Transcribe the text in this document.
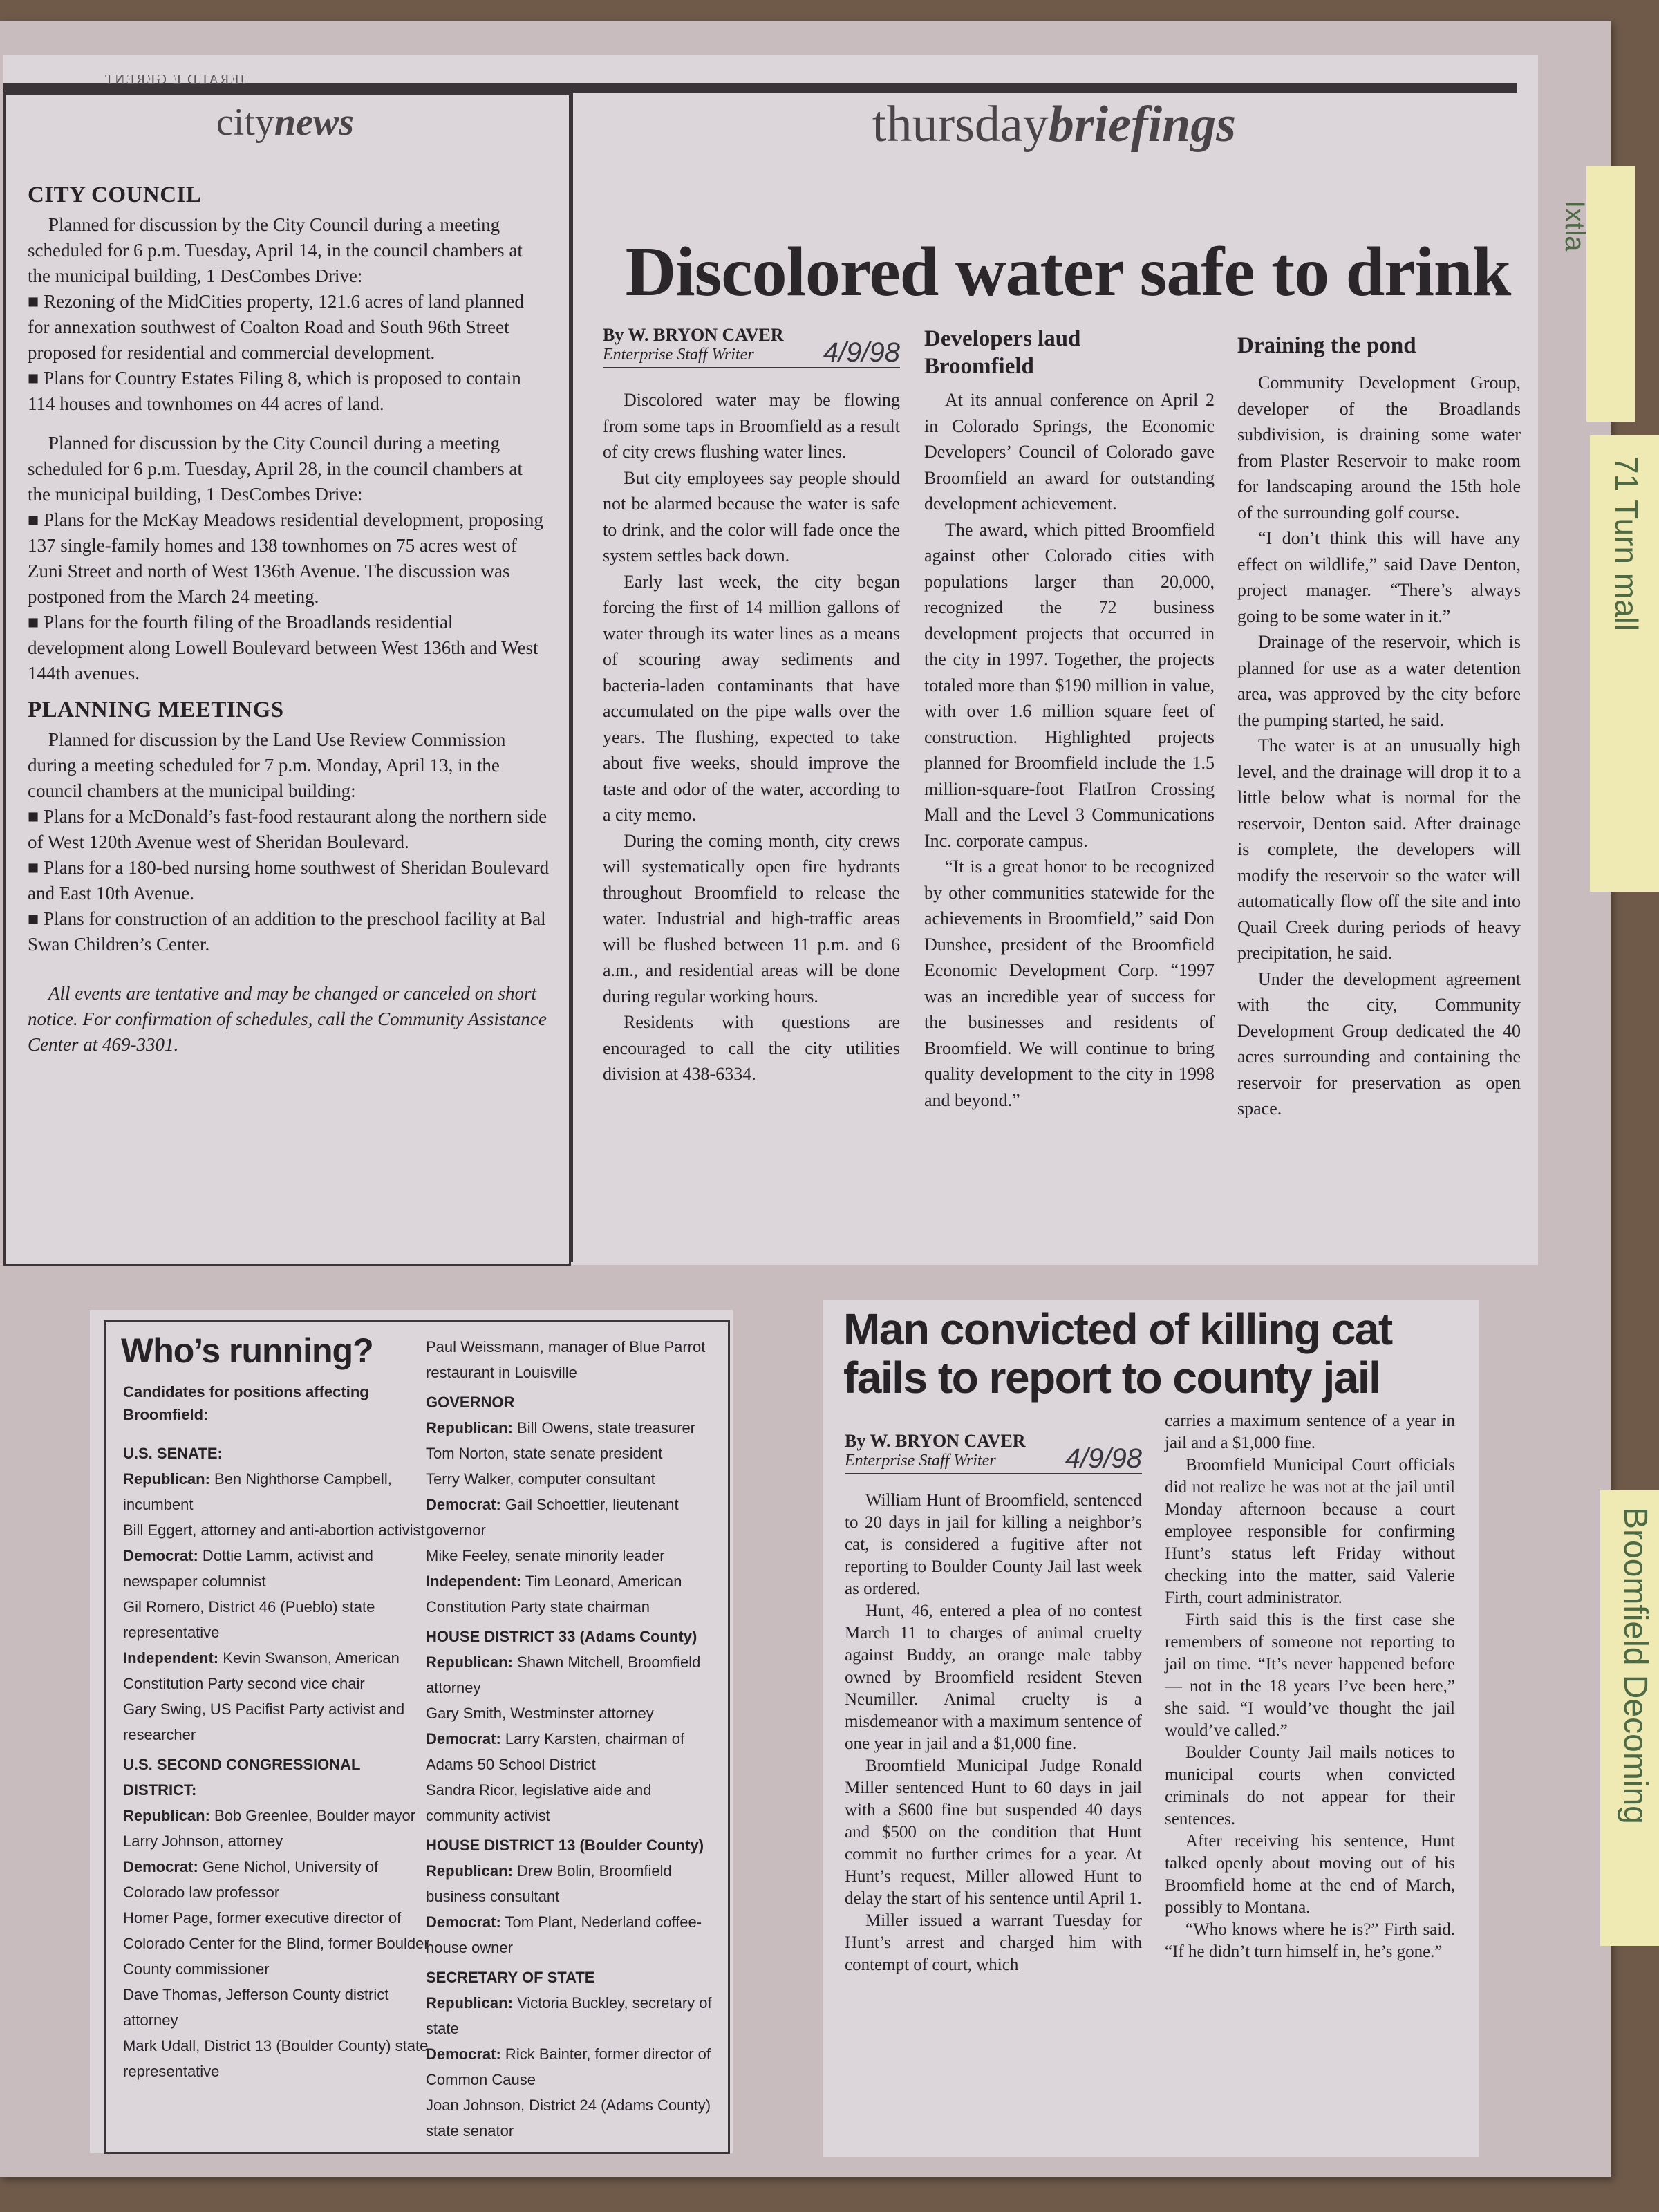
JERALD E GERENT
citynews
CITY COUNCIL

Planned for discussion by the City Council during a meeting scheduled for 6 p.m. Tuesday, April 14, in the council chambers at the municipal building, 1 DesCombes Drive:

■ Rezoning of the MidCities property, 121.6 acres of land planned for annexation southwest of Coalton Road and South 96th Street proposed for residential and commercial development.

■ Plans for Country Estates Filing 8, which is proposed to contain 114 houses and townhomes on 44 acres of land.

Planned for discussion by the City Council during a meeting scheduled for 6 p.m. Tuesday, April 28, in the council chambers at the municipal building, 1 DesCombes Drive:

■ Plans for the McKay Meadows residential development, proposing 137 single-family homes and 138 townhomes on 75 acres west of Zuni Street and north of West 136th Avenue. The discussion was postponed from the March 24 meeting.

■ Plans for the fourth filing of the Broadlands residential development along Lowell Boulevard between West 136th and West 144th avenues.

PLANNING MEETINGS

Planned for discussion by the Land Use Review Commission during a meeting scheduled for 7 p.m. Monday, April 13, in the council chambers at the municipal building:

■ Plans for a McDonald’s fast-food restaurant along the northern side of West 120th Avenue west of Sheridan Boulevard.

■ Plans for a 180-bed nursing home southwest of Sheridan Boulevard and East 10th Avenue.

■ Plans for construction of an addition to the preschool facility at Bal Swan Children’s Center.

All events are tentative and may be changed or canceled on short notice. For confirmation of schedules, call the Community Assistance Center at 469-3301.

thursdaybriefings
Discolored water safe to drink
By W. BRYON CAVER
Enterprise Staff Writer	4/9/98

Discolored water may be flowing from some taps in Broomfield as a result of city crews flushing water lines.

But city employees say people should not be alarmed because the water is safe to drink, and the color will fade once the system settles back down.

Early last week, the city began forcing the first of 14 million gallons of water through its water lines as a means of scouring away sediments and bacteria-laden contaminants that have accumulated on the pipe walls over the years. The flushing, expected to take about five weeks, should improve the taste and odor of the water, according to a city memo.

During the coming month, city crews will systematically open fire hydrants throughout Broomfield to release the water. Industrial and high-traffic areas will be flushed between 11 p.m. and 6 a.m., and residential areas will be done during regular working hours.

Residents with questions are encouraged to call the city utilities division at 438-6334.

Developers laud Broomfield

At its annual conference on April 2 in Colorado Springs, the Economic Developers’ Council of Colorado gave Broomfield an award for outstanding development achievement.

The award, which pitted Broomfield against other Colorado cities with populations larger than 20,000, recognized the 72 business development projects that occurred in the city in 1997. Together, the projects totaled more than $190 million in value, with over 1.6 million square feet of construction. Highlighted projects planned for Broomfield include the 1.5 million-square-foot FlatIron Crossing Mall and the Level 3 Communications Inc. corporate campus.

“It is a great honor to be recognized by other communities statewide for the achievements in Broomfield,” said Don Dunshee, president of the Broomfield Economic Development Corp. “1997 was an incredible year of success for the businesses and residents of Broomfield. We will continue to bring quality development to the city in 1998 and beyond.”

Draining the pond

Community Development Group, developer of the Broadlands subdivision, is draining some water from Plaster Reservoir to make room for landscaping around the 15th hole of the surrounding golf course.

“I don’t think this will have any effect on wildlife,” said Dave Denton, project manager. “There’s always going to be some water in it.”

Drainage of the reservoir, which is planned for use as a water detention area, was approved by the city before the pumping started, he said.

The water is at an unusually high level, and the drainage will drop it to a little below what is normal for the reservoir, Denton said. After drainage is complete, the developers will modify the reservoir so the water will automatically flow off the site and into Quail Creek during periods of heavy precipitation, he said.

Under the development agreement with the city, Community Development Group dedicated the 40 acres surrounding and containing the reservoir for preservation as open space.

Who’s running?
Candidates for positions affecting Broomfield:
U.S. SENATE:
Republican: Ben Nighthorse Campbell, incumbent
Bill Eggert, attorney and anti-abortion activist
Democrat: Dottie Lamm, activist and newspaper columnist
Gil Romero, District 46 (Pueblo) state representative
Independent: Kevin Swanson, American Constitution Party second vice chair
Gary Swing, US Pacifist Party activist and researcher
U.S. SECOND CONGRESSIONAL DISTRICT:
Republican: Bob Greenlee, Boulder mayor
Larry Johnson, attorney
Democrat: Gene Nichol, University of Colorado law professor
Homer Page, former executive director of Colorado Center for the Blind, former Boulder County commissioner
Dave Thomas, Jefferson County district attorney
Mark Udall, District 13 (Boulder County) state representative
Paul Weissmann, manager of Blue Parrot restaurant in Louisville
GOVERNOR
Republican: Bill Owens, state treasurer
Tom Norton, state senate president
Terry Walker, computer consultant
Democrat: Gail Schoettler, lieutenant governor
Mike Feeley, senate minority leader
Independent: Tim Leonard, American Constitution Party state chairman
HOUSE DISTRICT 33 (Adams County)
Republican: Shawn Mitchell, Broomfield attorney
Gary Smith, Westminster attorney
Democrat: Larry Karsten, chairman of Adams 50 School District
Sandra Ricor, legislative aide and community activist
HOUSE DISTRICT 13 (Boulder County)
Republican: Drew Bolin, Broomfield business consultant
Democrat: Tom Plant, Nederland coffee-house owner
SECRETARY OF STATE
Republican: Victoria Buckley, secretary of state
Democrat: Rick Bainter, former director of Common Cause
Joan Johnson, District 24 (Adams County) state senator
Man convicted of killing cat fails to report to county jail
By W. BRYON CAVER
Enterprise Staff Writer	4/9/98

William Hunt of Broomfield, sentenced to 20 days in jail for killing a neighbor’s cat, is considered a fugitive after not reporting to Boulder County Jail last week as ordered.

Hunt, 46, entered a plea of no contest March 11 to charges of animal cruelty against Buddy, an orange male tabby owned by Broomfield resident Steven Neumiller. Animal cruelty is a misdemeanor with a maximum sentence of one year in jail and a $1,000 fine.

Broomfield Municipal Judge Ronald Miller sentenced Hunt to 60 days in jail with a $600 fine but suspended 40 days and $500 on the condition that Hunt commit no further crimes for a year. At Hunt’s request, Miller allowed Hunt to delay the start of his sentence until April 1.

Miller issued a warrant Tuesday for Hunt’s arrest and charged him with contempt of court, which

carries a maximum sentence of a year in jail and a $1,000 fine.

Broomfield Municipal Court officials did not realize he was not at the jail until Monday afternoon because a court employee responsible for confirming Hunt’s status left Friday without checking into the matter, said Valerie Firth, court administrator.

Firth said this is the first case she remembers of someone not reporting to jail on time. “It’s never happened before — not in the 18 years I’ve been here,” she said. “I would’ve thought the jail would’ve called.”

Boulder County Jail mails notices to municipal courts when convicted criminals do not appear for their sentences.

After receiving his sentence, Hunt talked openly about moving out of his Broomfield home at the end of March, possibly to Montana.

“Who knows where he is?” Firth said. “If he didn’t turn himself in, he’s gone.”

Ixtla
71 Turn mall
Broomfield Decoming
